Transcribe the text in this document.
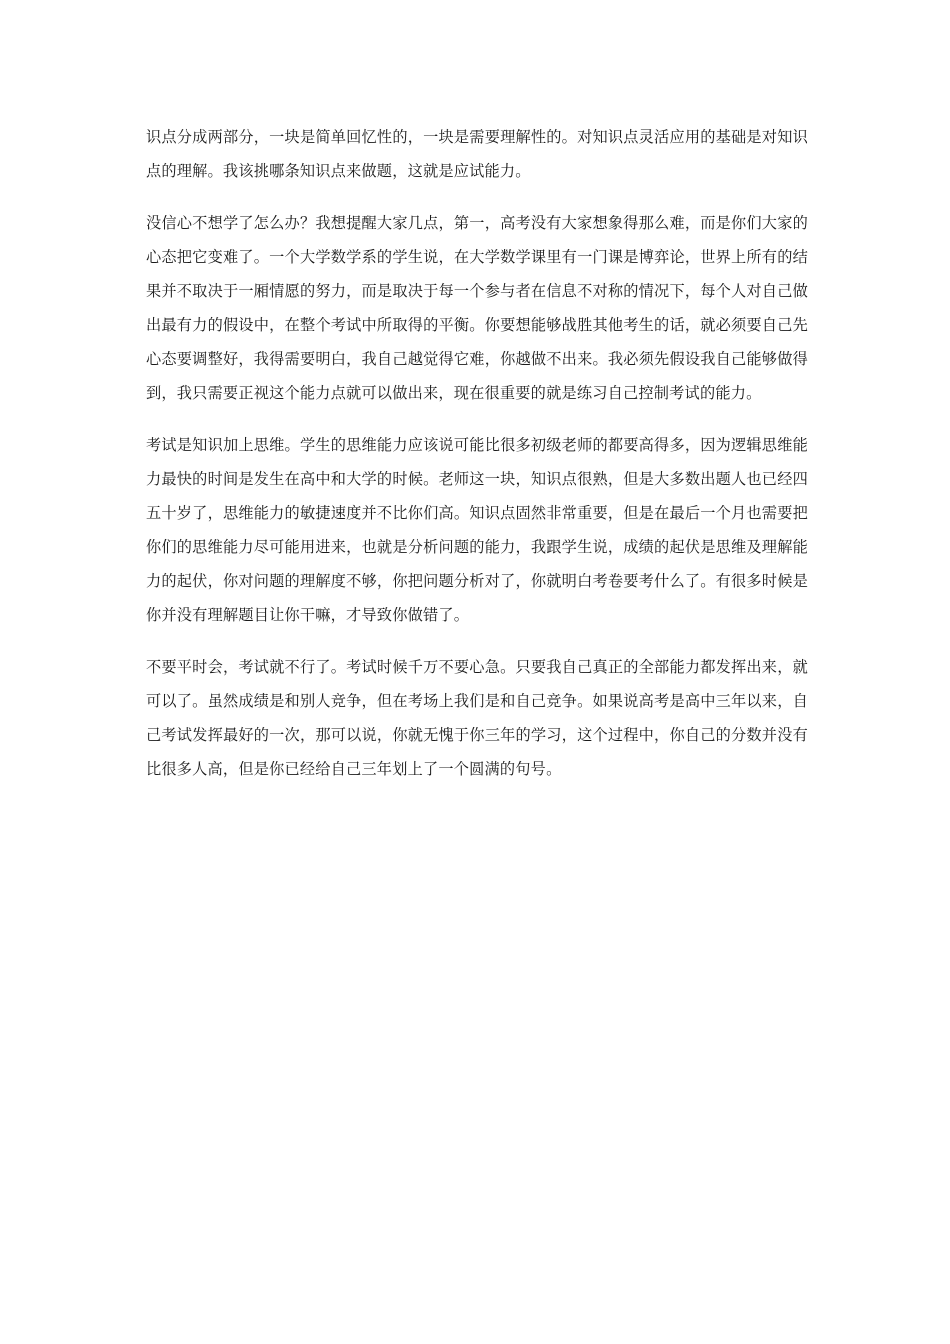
识点分成两部分，一块是简单回忆性的，一块是需要理解性的。对知识点灵活应用的基础是对知识点的理解。我该挑哪条知识点来做题，这就是应试能力。

没信心不想学了怎么办？我想提醒大家几点，第一，高考没有大家想象得那么难，而是你们大家的心态把它变难了。一个大学数学系的学生说，在大学数学课里有一门课是博弈论，世界上所有的结果并不取决于一厢情愿的努力，而是取决于每一个参与者在信息不对称的情况下，每个人对自己做出最有力的假设中，在整个考试中所取得的平衡。你要想能够战胜其他考生的话，就必须要自己先心态要调整好，我得需要明白，我自己越觉得它难，你越做不出来。我必须先假设我自己能够做得到，我只需要正视这个能力点就可以做出来，现在很重要的就是练习自己控制考试的能力。

考试是知识加上思维。学生的思维能力应该说可能比很多初级老师的都要高得多，因为逻辑思维能力最快的时间是发生在高中和大学的时候。老师这一块，知识点很熟，但是大多数出题人也已经四五十岁了，思维能力的敏捷速度并不比你们高。知识点固然非常重要，但是在最后一个月也需要把你们的思维能力尽可能用进来，也就是分析问题的能力，我跟学生说，成绩的起伏是思维及理解能力的起伏，你对问题的理解度不够，你把问题分析对了，你就明白考卷要考什么了。有很多时候是你并没有理解题目让你干嘛，才导致你做错了。

不要平时会，考试就不行了。考试时候千万不要心急。只要我自己真正的全部能力都发挥出来，就可以了。虽然成绩是和别人竞争，但在考场上我们是和自己竞争。如果说高考是高中三年以来，自己考试发挥最好的一次，那可以说，你就无愧于你三年的学习，这个过程中，你自己的分数并没有比很多人高，但是你已经给自己三年划上了一个圆满的句号。
